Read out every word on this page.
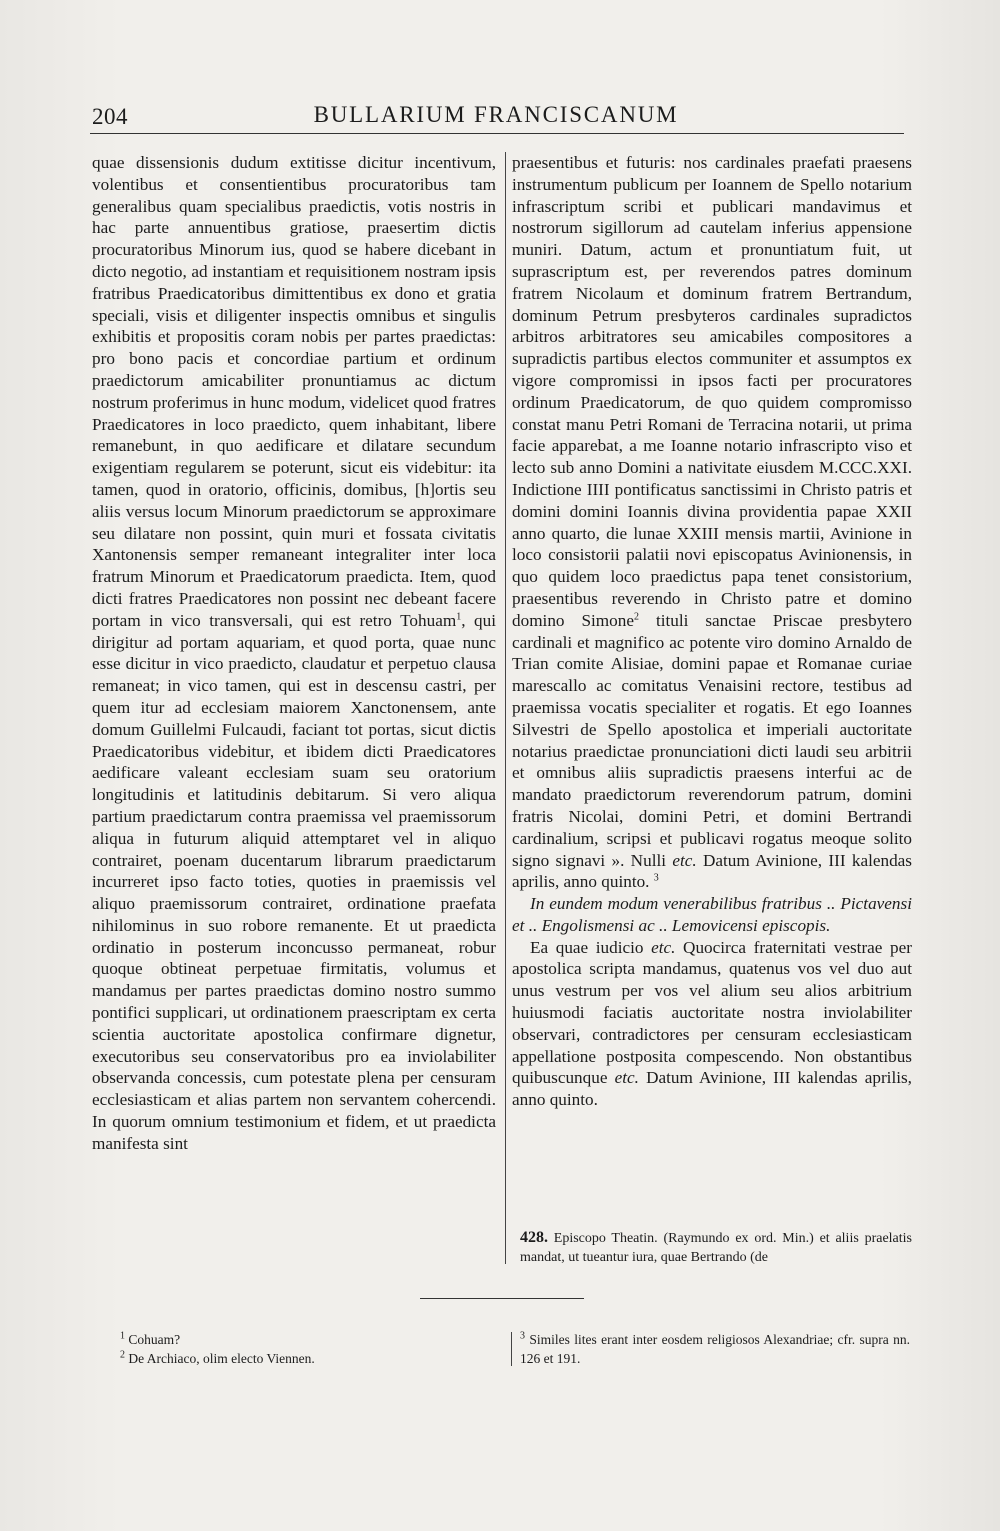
204	BULLARIUM FRANCISCANUM

quae dissensionis dudum extitisse dicitur incentivum, volentibus et consentientibus procuratoribus tam generalibus quam specialibus praedictis, votis nostris in hac parte annuentibus gratiose, praesertim dictis procuratoribus Minorum ius, quod se habere dicebant in dicto negotio, ad instantiam et requisitionem nostram ipsis fratribus Praedicatoribus dimittentibus ex dono et gratia speciali, visis et diligenter inspectis omnibus et singulis exhibitis et propositis coram nobis per partes praedictas: pro bono pacis et concordiae partium et ordinum praedictorum amicabiliter pronuntiamus ac dictum nostrum proferimus in hunc modum, videlicet quod fratres Praedicatores in loco praedicto, quem inhabitant, libere remanebunt, in quo aedificare et dilatare secundum exigentiam regularem se poterunt, sicut eis videbitur: ita tamen, quod in oratorio, officinis, domibus, [h]ortis seu aliis versus locum Minorum praedictorum se approximare seu dilatare non possint, quin muri et fossata civitatis Xantonensis semper remaneant integraliter inter loca fratrum Minorum et Praedicatorum praedicta. Item, quod dicti fratres Praedicatores non possint nec debeant facere portam in vico transversali, qui est retro Tohuam$^1$, qui dirigitur ad portam aquariam, et quod porta, quae nunc esse dicitur in vico praedicto, claudatur et perpetuo clausa remaneat; in vico tamen, qui est in descensu castri, per quem itur ad ecclesiam maiorem Xanctonensem, ante domum Guillelmi Fulcaudi, faciant tot portas, sicut dictis Praedicatoribus videbitur, et ibidem dicti Praedicatores aedificare valeant ecclesiam suam seu oratorium longitudinis et latitudinis debitarum. Si vero aliqua partium praedictarum contra praemissa vel praemissorum aliqua in futurum aliquid attemptaret vel in aliquo contrairet, poenam ducentarum librarum praedictarum incurreret ipso facto toties, quoties in praemissis vel aliquo praemissorum contrairet, ordinatione praefata nihilominus in suo robore remanente. Et ut praedicta ordinatio in posterum inconcusso permaneat, robur quoque obtineat perpetuae firmitatis, volumus et mandamus per partes praedictas domino nostro summo pontifici supplicari, ut ordinationem praescriptam ex certa scientia auctoritate apostolica confirmare dignetur, executoribus seu conservatoribus pro ea inviolabiliter observanda concessis, cum potestate plena per censuram ecclesiasticam et alias partem non servantem cohercendi. In quorum omnium testimonium et fidem, et ut praedicta manifesta sint

praesentibus et futuris: nos cardinales praefati praesens instrumentum publicum per Ioannem de Spello notarium infrascriptum scribi et publicari mandavimus et nostrorum sigillorum ad cautelam inferius appensione muniri. Datum, actum et pronuntiatum fuit, ut suprascriptum est, per reverendos patres dominum fratrem Nicolaum et dominum fratrem Bertrandum, dominum Petrum presbyteros cardinales supradictos arbitros arbitratores seu amicabiles compositores a supradictis partibus electos communiter et assumptos ex vigore compromissi in ipsos facti per procuratores ordinum Praedicatorum, de quo quidem compromisso constat manu Petri Romani de Terracina notarii, ut prima facie apparebat, a me Ioanne notario infrascripto viso et lecto sub anno Domini a nativitate eiusdem M.CCC.XXI. Indictione IIII pontificatus sanctissimi in Christo patris et domini domini Ioannis divina providentia papae XXII anno quarto, die lunae XXIII mensis martii, Avinione in loco consistorii palatii novi episcopatus Avinionensis, in quo quidem loco praedictus papa tenet consistorium, praesentibus reverendo in Christo patre et domino domino Simone$^2$ tituli sanctae Priscae presbytero cardinali et magnifico ac potente viro domino Arnaldo de Trian comite Alisiae, domini papae et Romanae curiae marescallo ac comitatus Venaisini rectore, testibus ad praemissa vocatis specialiter et rogatis. Et ego Ioannes Silvestri de Spello apostolica et imperiali auctoritate notarius praedictae pronunciationi dicti laudi seu arbitrii et omnibus aliis supradictis praesens interfui ac de mandato praedictorum reverendorum patrum, domini fratris Nicolai, domini Petri, et domini Bertrandi cardinalium, scripsi et publicavi rogatus meoque solito signo signavi ». Nulli etc. Datum Avinione, III kalendas aprilis, anno quinto. $^3$

In eundem modum venerabilibus fratribus .. Pictavensi et .. Engolismensi ac .. Lemovicensi episcopis.

Ea quae iudicio etc. Quocirca fraternitati vestrae per apostolica scripta mandamus, quatenus vos vel duo aut unus vestrum per vos vel alium seu alios arbitrium huiusmodi faciatis auctoritate nostra inviolabiliter observari, contradictores per censuram ecclesiasticam appellatione postposita compescendo. Non obstantibus quibuscunque etc. Datum Avinione, III kalendas aprilis, anno quinto.

428. Episcopo Theatin. (Raymundo ex ord. Min.) et aliis praelatis mandat, ut tueantur iura, quae Bertrando (de
$^1$ Cohuam?
$^2$ De Archiaco, olim electo Viennen.
$^3$ Similes lites erant inter eosdem religiosos Alexandriae; cfr. supra nn. 126 et 191.
